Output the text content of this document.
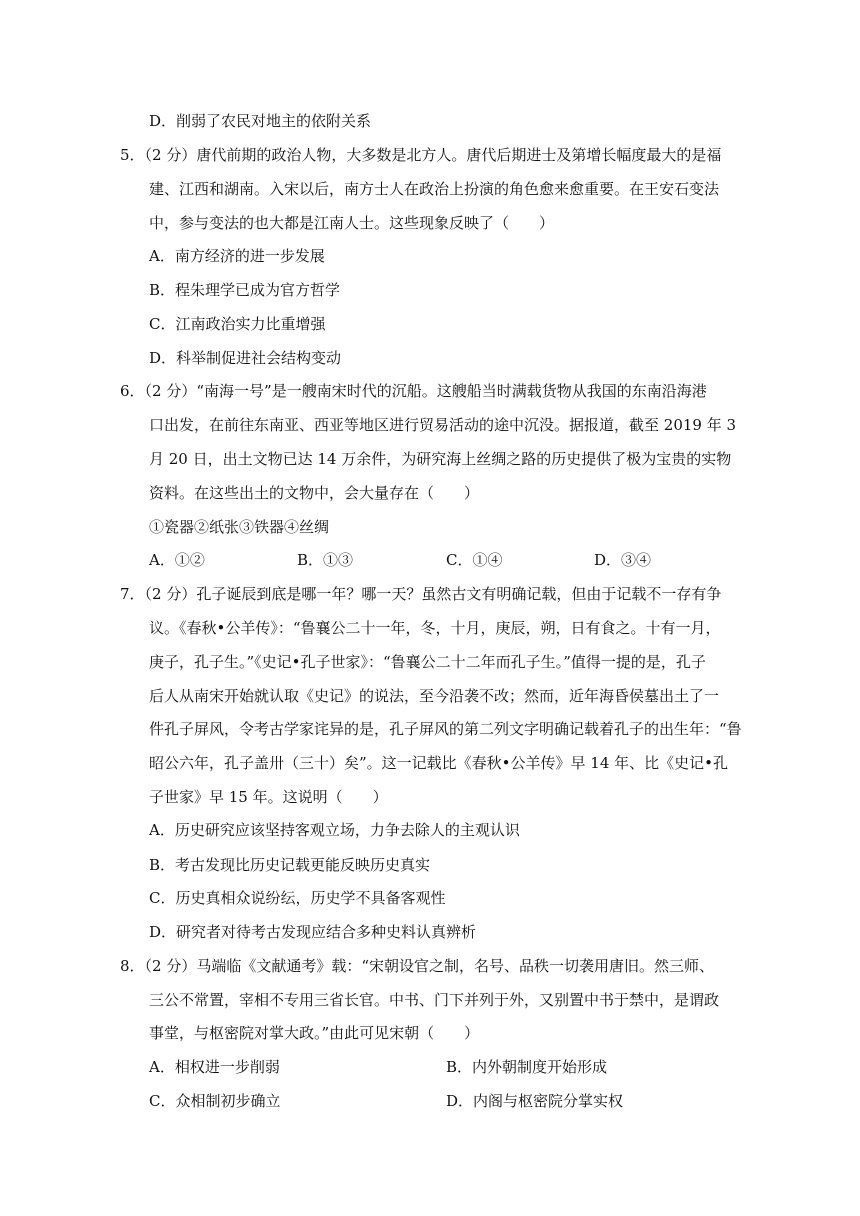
D．削弱了农民对地主的依附关系
5．（2 分）唐代前期的政治人物，大多数是北方人。唐代后期进士及第增长幅度最大的是福
建、江西和湖南。入宋以后，南方士人在政治上扮演的角色愈来愈重要。在王安石变法
中，参与变法的也大都是江南人士。这些现象反映了（　　）
A．南方经济的进一步发展
B．程朱理学已成为官方哲学
C．江南政治实力比重增强
D．科举制促进社会结构变动
6．（2 分）“南海一号”是一艘南宋时代的沉船。这艘船当时满载货物从我国的东南沿海港
口出发，在前往东南亚、西亚等地区进行贸易活动的途中沉没。据报道，截至 2019 年 3
月 20 日，出土文物已达 14 万余件，为研究海上丝绸之路的历史提供了极为宝贵的实物
资料。在这些出土的文物中，会大量存在（　　）
①瓷器②纸张③铁器④丝绸
A．①②	B．①③	C．①④	D．③④
7．（2 分）孔子诞辰到底是哪一年？哪一天？虽然古文有明确记载，但由于记载不一存有争
议。《春秋•公羊传》：“鲁襄公二十一年，冬，十月，庚辰，朔，日有食之。十有一月，
庚子，孔子生。”《史记•孔子世家》：“鲁襄公二十二年而孔子生。”值得一提的是，孔子
后人从南宋开始就认取《史记》的说法，至今沿袭不改；然而，近年海昏侯墓出土了一
件孔子屏风，令考古学家诧异的是，孔子屏风的第二列文字明确记载着孔子的出生年：“鲁
昭公六年，孔子盖卅（三十）矣”。这一记载比《春秋•公羊传》早 14 年、比《史记•孔
子世家》早 15 年。这说明（　　）
A．历史研究应该坚持客观立场，力争去除人的主观认识
B．考古发现比历史记载更能反映历史真实
C．历史真相众说纷纭，历史学不具备客观性
D．研究者对待考古发现应结合多种史料认真辨析
8．（2 分）马端临《文献通考》载：“宋朝设官之制，名号、品秩一切袭用唐旧。然三师、
三公不常置，宰相不专用三省长官。中书、门下并列于外，又别置中书于禁中，是谓政
事堂，与枢密院对掌大政。”由此可见宋朝（　　）
A．相权进一步削弱	B．内外朝制度开始形成
C．众相制初步确立	D．内阁与枢密院分掌实权
